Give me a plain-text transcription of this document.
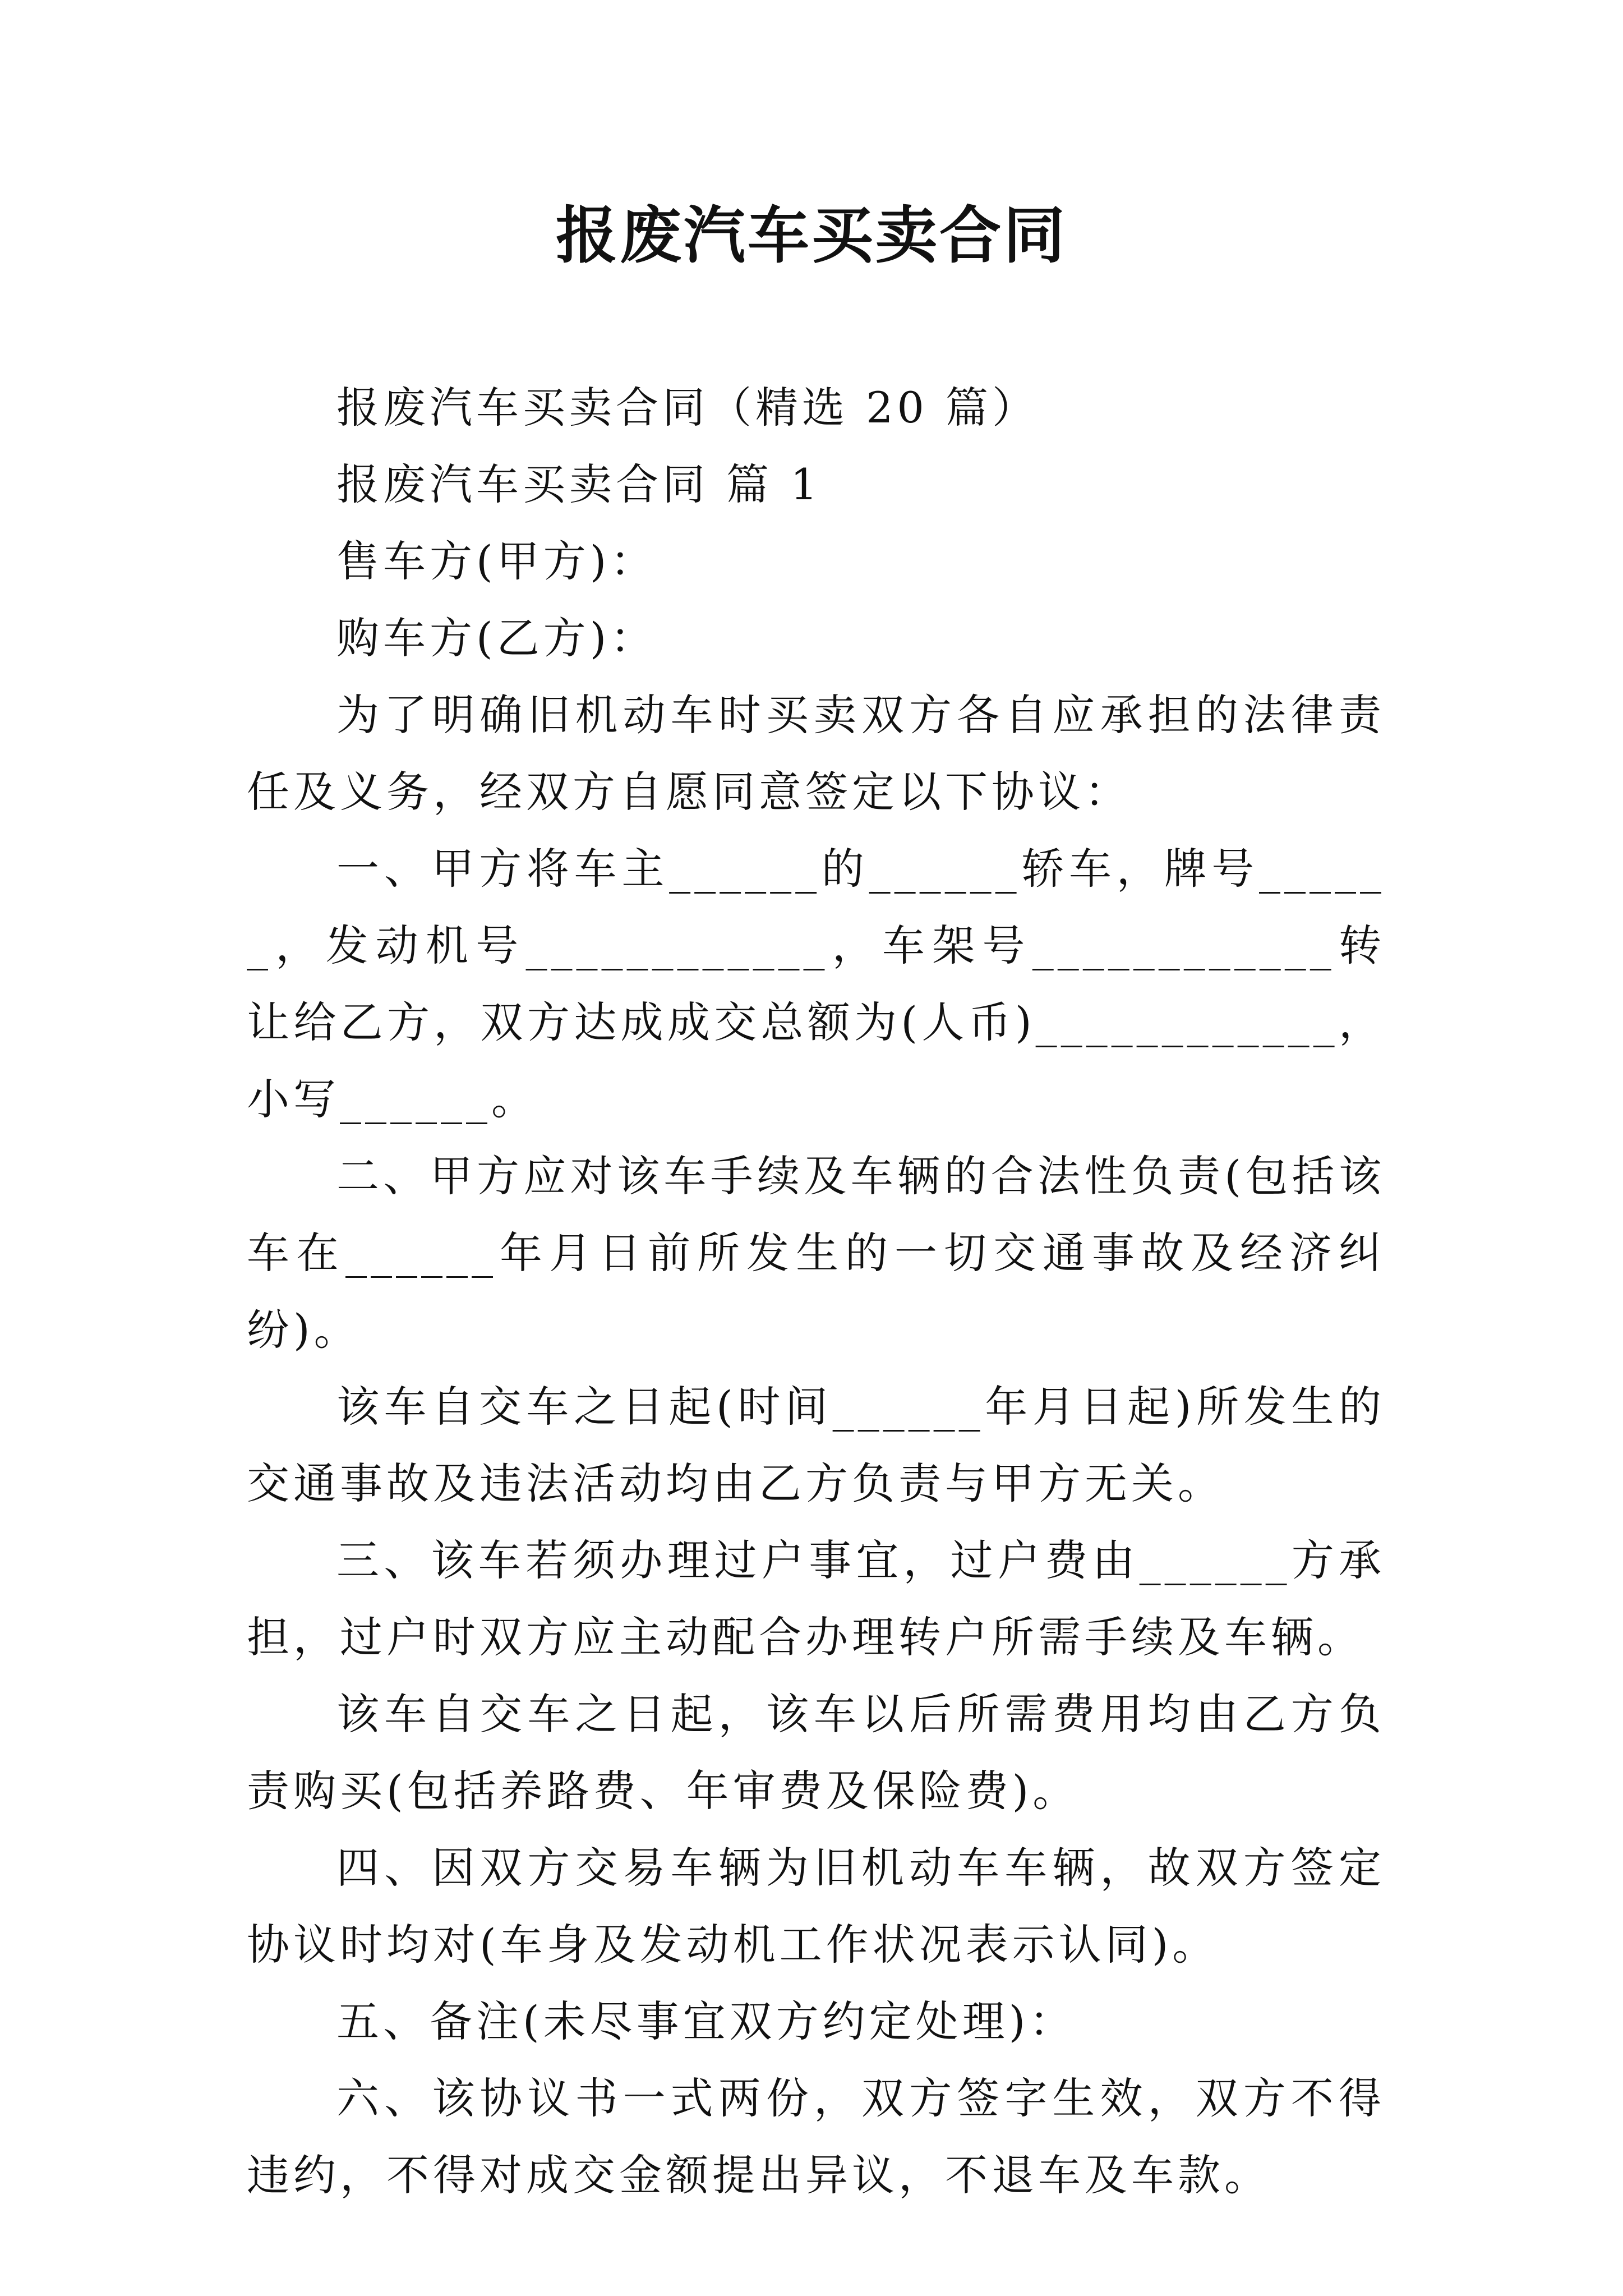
报废汽车买卖合同

报废汽车买卖合同（精选 20 篇）

报废汽车买卖合同 篇 1

售车方(甲方)：

购车方(乙方)：

为了明确旧机动车时买卖双方各自应承担的法律责任及义务，经双方自愿同意签定以下协议：

一、甲方将车主______的______轿车，牌号______，发动机号____________，车架号____________转让给乙方，双方达成成交总额为(人币)____________，小写______。

二、甲方应对该车手续及车辆的合法性负责(包括该车在______年月日前所发生的一切交通事故及经济纠纷)。

该车自交车之日起(时间______年月日起)所发生的交通事故及违法活动均由乙方负责与甲方无关。

三、该车若须办理过户事宜，过户费由______方承担，过户时双方应主动配合办理转户所需手续及车辆。

该车自交车之日起，该车以后所需费用均由乙方负责购买(包括养路费、年审费及保险费)。

四、因双方交易车辆为旧机动车车辆，故双方签定协议时均对(车身及发动机工作状况表示认同)。

五、备注(未尽事宜双方约定处理)：

六、该协议书一式两份，双方签字生效，双方不得违约，不得对成交金额提出异议，不退车及车款。
